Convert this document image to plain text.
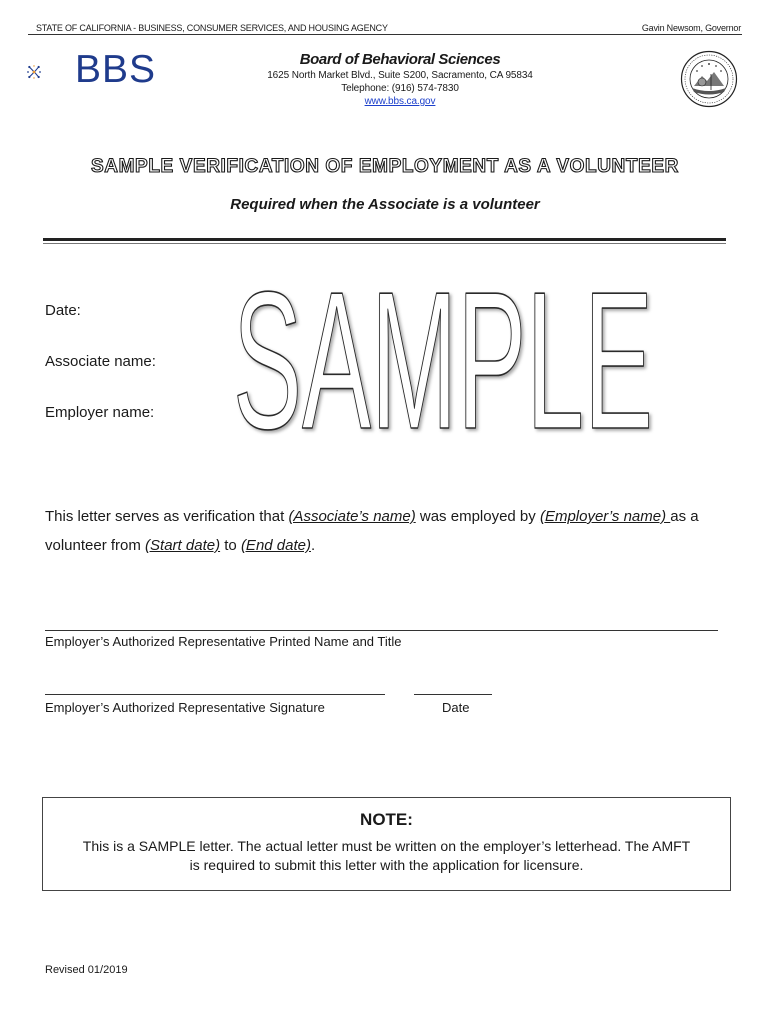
STATE OF CALIFORNIA - BUSINESS, CONSUMER SERVICES, AND HOUSING AGENCY	Gavin Newsom, Governor
BBS	Board of Behavioral Sciences
1625 North Market Blvd., Suite S200, Sacramento, CA 95834
Telephone: (916) 574-7830
www.bbs.ca.gov
SAMPLE VERIFICATION OF EMPLOYMENT AS A VOLUNTEER
Required when the Associate is a volunteer
SAMPLE
Date:
Associate name:
Employer name:
This letter serves as verification that (Associate’s name) was employed by (Employer’s name) as a volunteer from (Start date) to (End date).
Employer’s Authorized Representative Printed Name and Title
Employer’s Authorized Representative Signature	Date
NOTE:
This is a SAMPLE letter. The actual letter must be written on the employer’s letterhead. The AMFT is required to submit this letter with the application for licensure.
Revised 01/2019
